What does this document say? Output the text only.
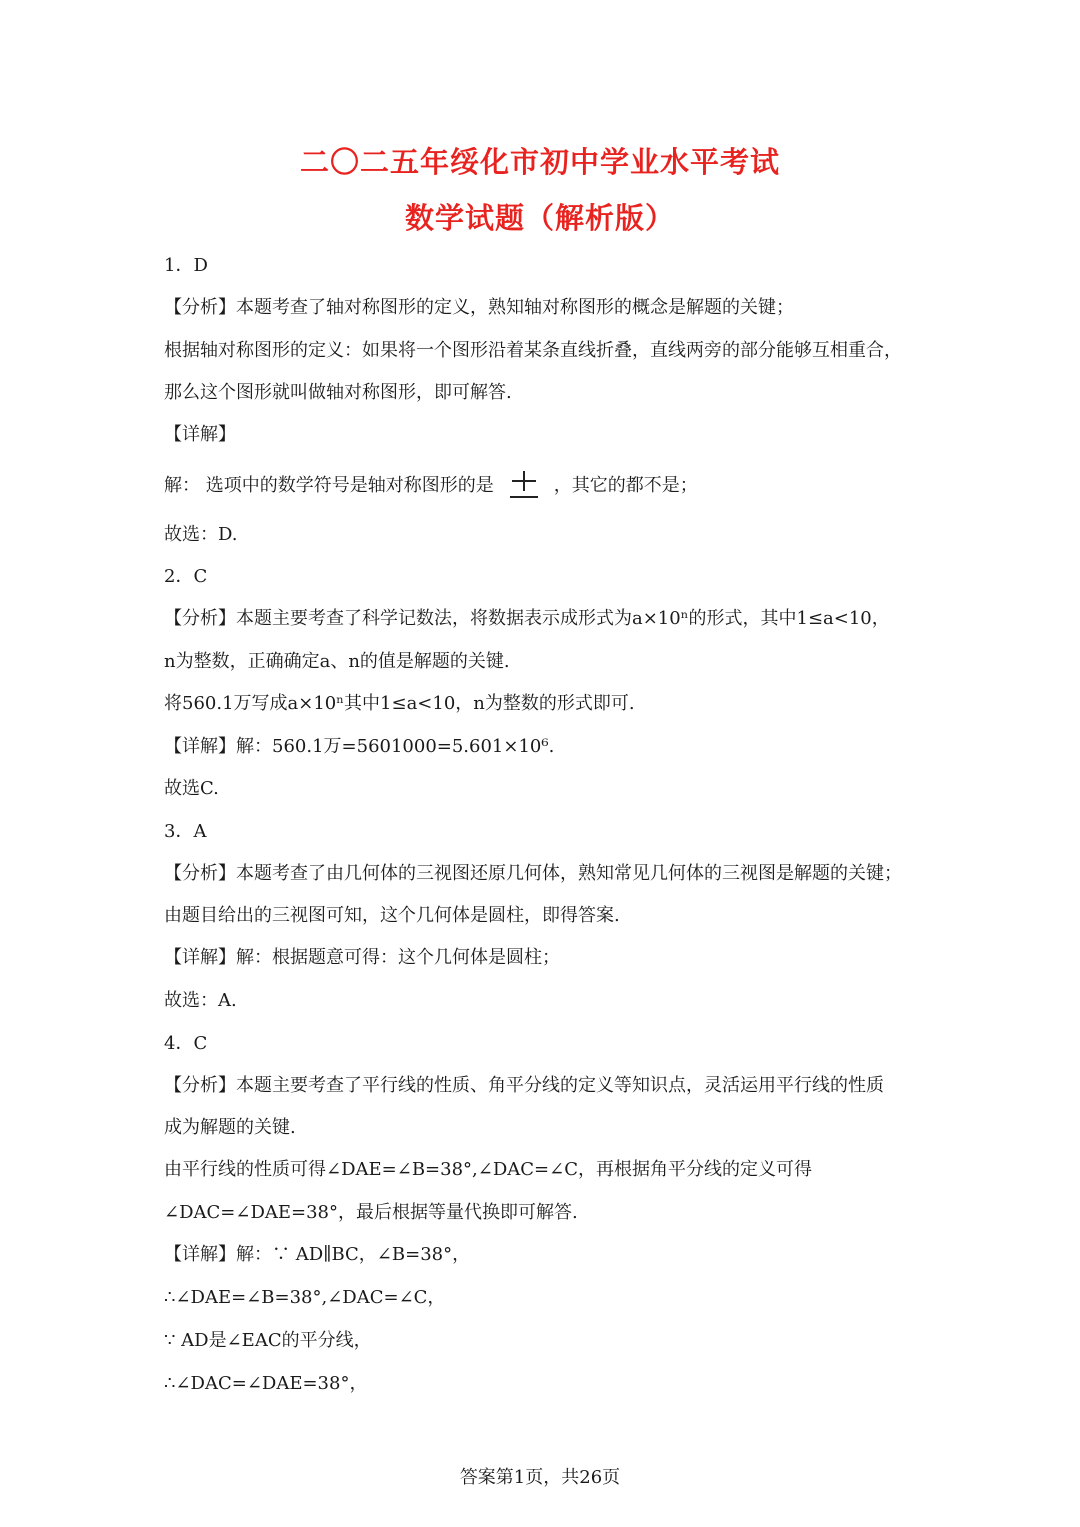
二〇二五年绥化市初中学业水平考试
数学试题（解析版）
1．D
【分析】本题考查了轴对称图形的定义，熟知轴对称图形的概念是解题的关键；
根据轴对称图形的定义：如果将一个图形沿着某条直线折叠，直线两旁的部分能够互相重合，
那么这个图形就叫做轴对称图形，即可解答.
【详解】
解： 选项中的数学符号是轴对称图形的是	，其它的都不是；
故选：D.
2．C
【分析】本题主要考查了科学记数法，将数据表示成形式为a×10ⁿ的形式，其中1≤a<10，
n为整数，正确确定a、n的值是解题的关键.
将560.1万写成a×10ⁿ其中1≤a<10，n为整数的形式即可.
【详解】解：560.1万=5601000=5.601×10⁶.
故选C.
3．A
【分析】本题考查了由几何体的三视图还原几何体，熟知常见几何体的三视图是解题的关键；
由题目给出的三视图可知，这个几何体是圆柱，即得答案.
【详解】解：根据题意可得：这个几何体是圆柱；
故选：A.
4．C
【分析】本题主要考查了平行线的性质、角平分线的定义等知识点，灵活运用平行线的性质
成为解题的关键.
由平行线的性质可得∠DAE=∠B=38°,∠DAC=∠C，再根据角平分线的定义可得
∠DAC=∠DAE=38°，最后根据等量代换即可解答.
【详解】解：∵ AD∥BC，∠B=38°，
∴∠DAE=∠B=38°,∠DAC=∠C，
∵ AD是∠EAC的平分线，
∴∠DAC=∠DAE=38°，
答案第1页，共26页
